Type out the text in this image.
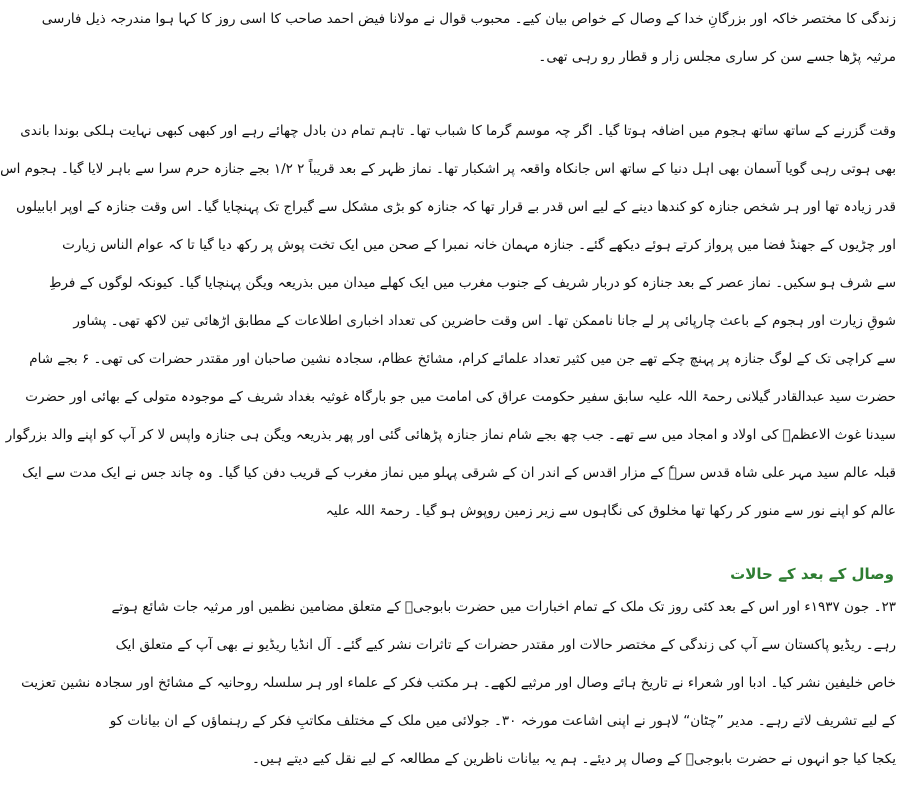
زندگی کا مختصر خاکہ اور بزرگانِ خدا کے وصال کے خواص بیان کیے۔ محبوب قوال نے مولانا فیض احمد صاحب کا اسی روز کا کہا ہوا مندرجہ ذیل فارسی
مرثیہ پڑھا جسے سن کر ساری مجلس زار و قطار رو رہی تھی۔
وقت گزرنے کے ساتھ ساتھ ہجوم میں اضافہ ہوتا گیا۔ اگر چہ موسم گرما کا شباب تھا۔ تاہم تمام دن بادل چھائے رہے اور کبھی کبھی نہایت ہلکی بوندا باندی
بھی ہوتی رہی گویا آسمان بھی اہل دنیا کے ساتھ اس جانکاہ واقعہ پر اشکبار تھا۔ نماز ظہر کے بعد قریباً ۲ ۱/۲ بجے جنازہ حرم سرا سے باہر لایا گیا۔ ہجوم اس
قدر زیادہ تھا اور ہر شخص جنازہ کو کندھا دینے کے لیے اس قدر بے قرار تھا کہ جنازہ کو بڑی مشکل سے گیراج تک پہنچایا گیا۔ اس وقت جنازہ کے اوپر ابابیلوں
اور چڑیوں کے جھنڈ فضا میں پرواز کرتے ہوئے دیکھے گئے۔ جنازہ مہمان خانہ نمبرا کے صحن میں ایک تخت پوش پر رکھ دیا گیا تا کہ عوام الناس زیارت
سے شرف ہو سکیں۔ نماز عصر کے بعد جنازہ کو دربار شریف کے جنوب مغرب میں ایک کھلے میدان میں بذریعہ ویگن پہنچایا گیا۔ کیونکہ لوگوں کے فرطِ
شوقِ زیارت اور ہجوم کے باعث چارپائی پر لے جانا ناممکن تھا۔ اس وقت حاضرین کی تعداد اخباری اطلاعات کے مطابق اڑھائی تین لاکھ تھی۔ پشاور
سے کراچی تک کے لوگ جنازہ پر پہنچ چکے تھے جن میں کثیر تعداد علمائے کرام، مشائخ عظام، سجادہ نشین صاحبان اور مقتدر حضرات کی تھی۔ ۶ بجے شام
حضرت سید عبدالقادر گیلانی رحمۃ اللہ علیہ سابق سفیر حکومت عراق کی امامت میں جو بارگاہ غوثیہ بغداد شریف کے موجودہ متولی کے بھائی اور حضرت
سیدنا غوث الاعظمؓ کی اولاد و امجاد میں سے تھے۔ جب چھ بجے شام نماز جنازہ پڑھائی گئی اور پھر بذریعہ ویگن ہی جنازہ واپس لا کر آپ کو اپنے والد بزرگوار
قبلہ عالم سید مہر علی شاہ قدس سرہٗ کے مزار اقدس کے اندر ان کے شرقی پہلو میں نماز مغرب کے قریب دفن کیا گیا۔ وہ چاند جس نے ایک مدت سے ایک
عالم کو اپنے نور سے منور کر رکھا تھا مخلوق کی نگاہوں سے زیر زمین روپوش ہو گیا۔ رحمۃ اللہ علیہ
وصال کے بعد کے حالات
۲۳۔ جون ۱۹۳۷ء اور اس کے بعد کئی روز تک ملک کے تمام اخبارات میں حضرت بابوجیؒ کے متعلق مضامین نظمیں اور مرثیہ جات شائع ہوتے
رہے۔ ریڈیو پاکستان سے آپ کی زندگی کے مختصر حالات اور مقتدر حضرات کے تاثرات نشر کیے گئے۔ آل انڈیا ریڈیو نے بھی آپ کے متعلق ایک
خاص خلیفین نشر کیا۔ ادبا اور شعراء نے تاریخ ہائے وصال اور مرثیے لکھے۔ ہر مکتب فکر کے علماء اور ہر سلسلہ روحانیہ کے مشائخ اور سجادہ نشین تعزیت
کے لیے تشریف لاتے رہے۔ مدیر ”چٹان“ لاہور نے اپنی اشاعت مورخہ ۳۰۔ جولائی میں ملک کے مختلف مکاتبِ فکر کے رہنماؤں کے ان بیانات کو
یکجا کیا جو انہوں نے حضرت بابوجیؒ کے وصال پر دیئے۔ ہم یہ بیانات ناظرین کے مطالعہ کے لیے نقل کیے دیتے ہیں۔
